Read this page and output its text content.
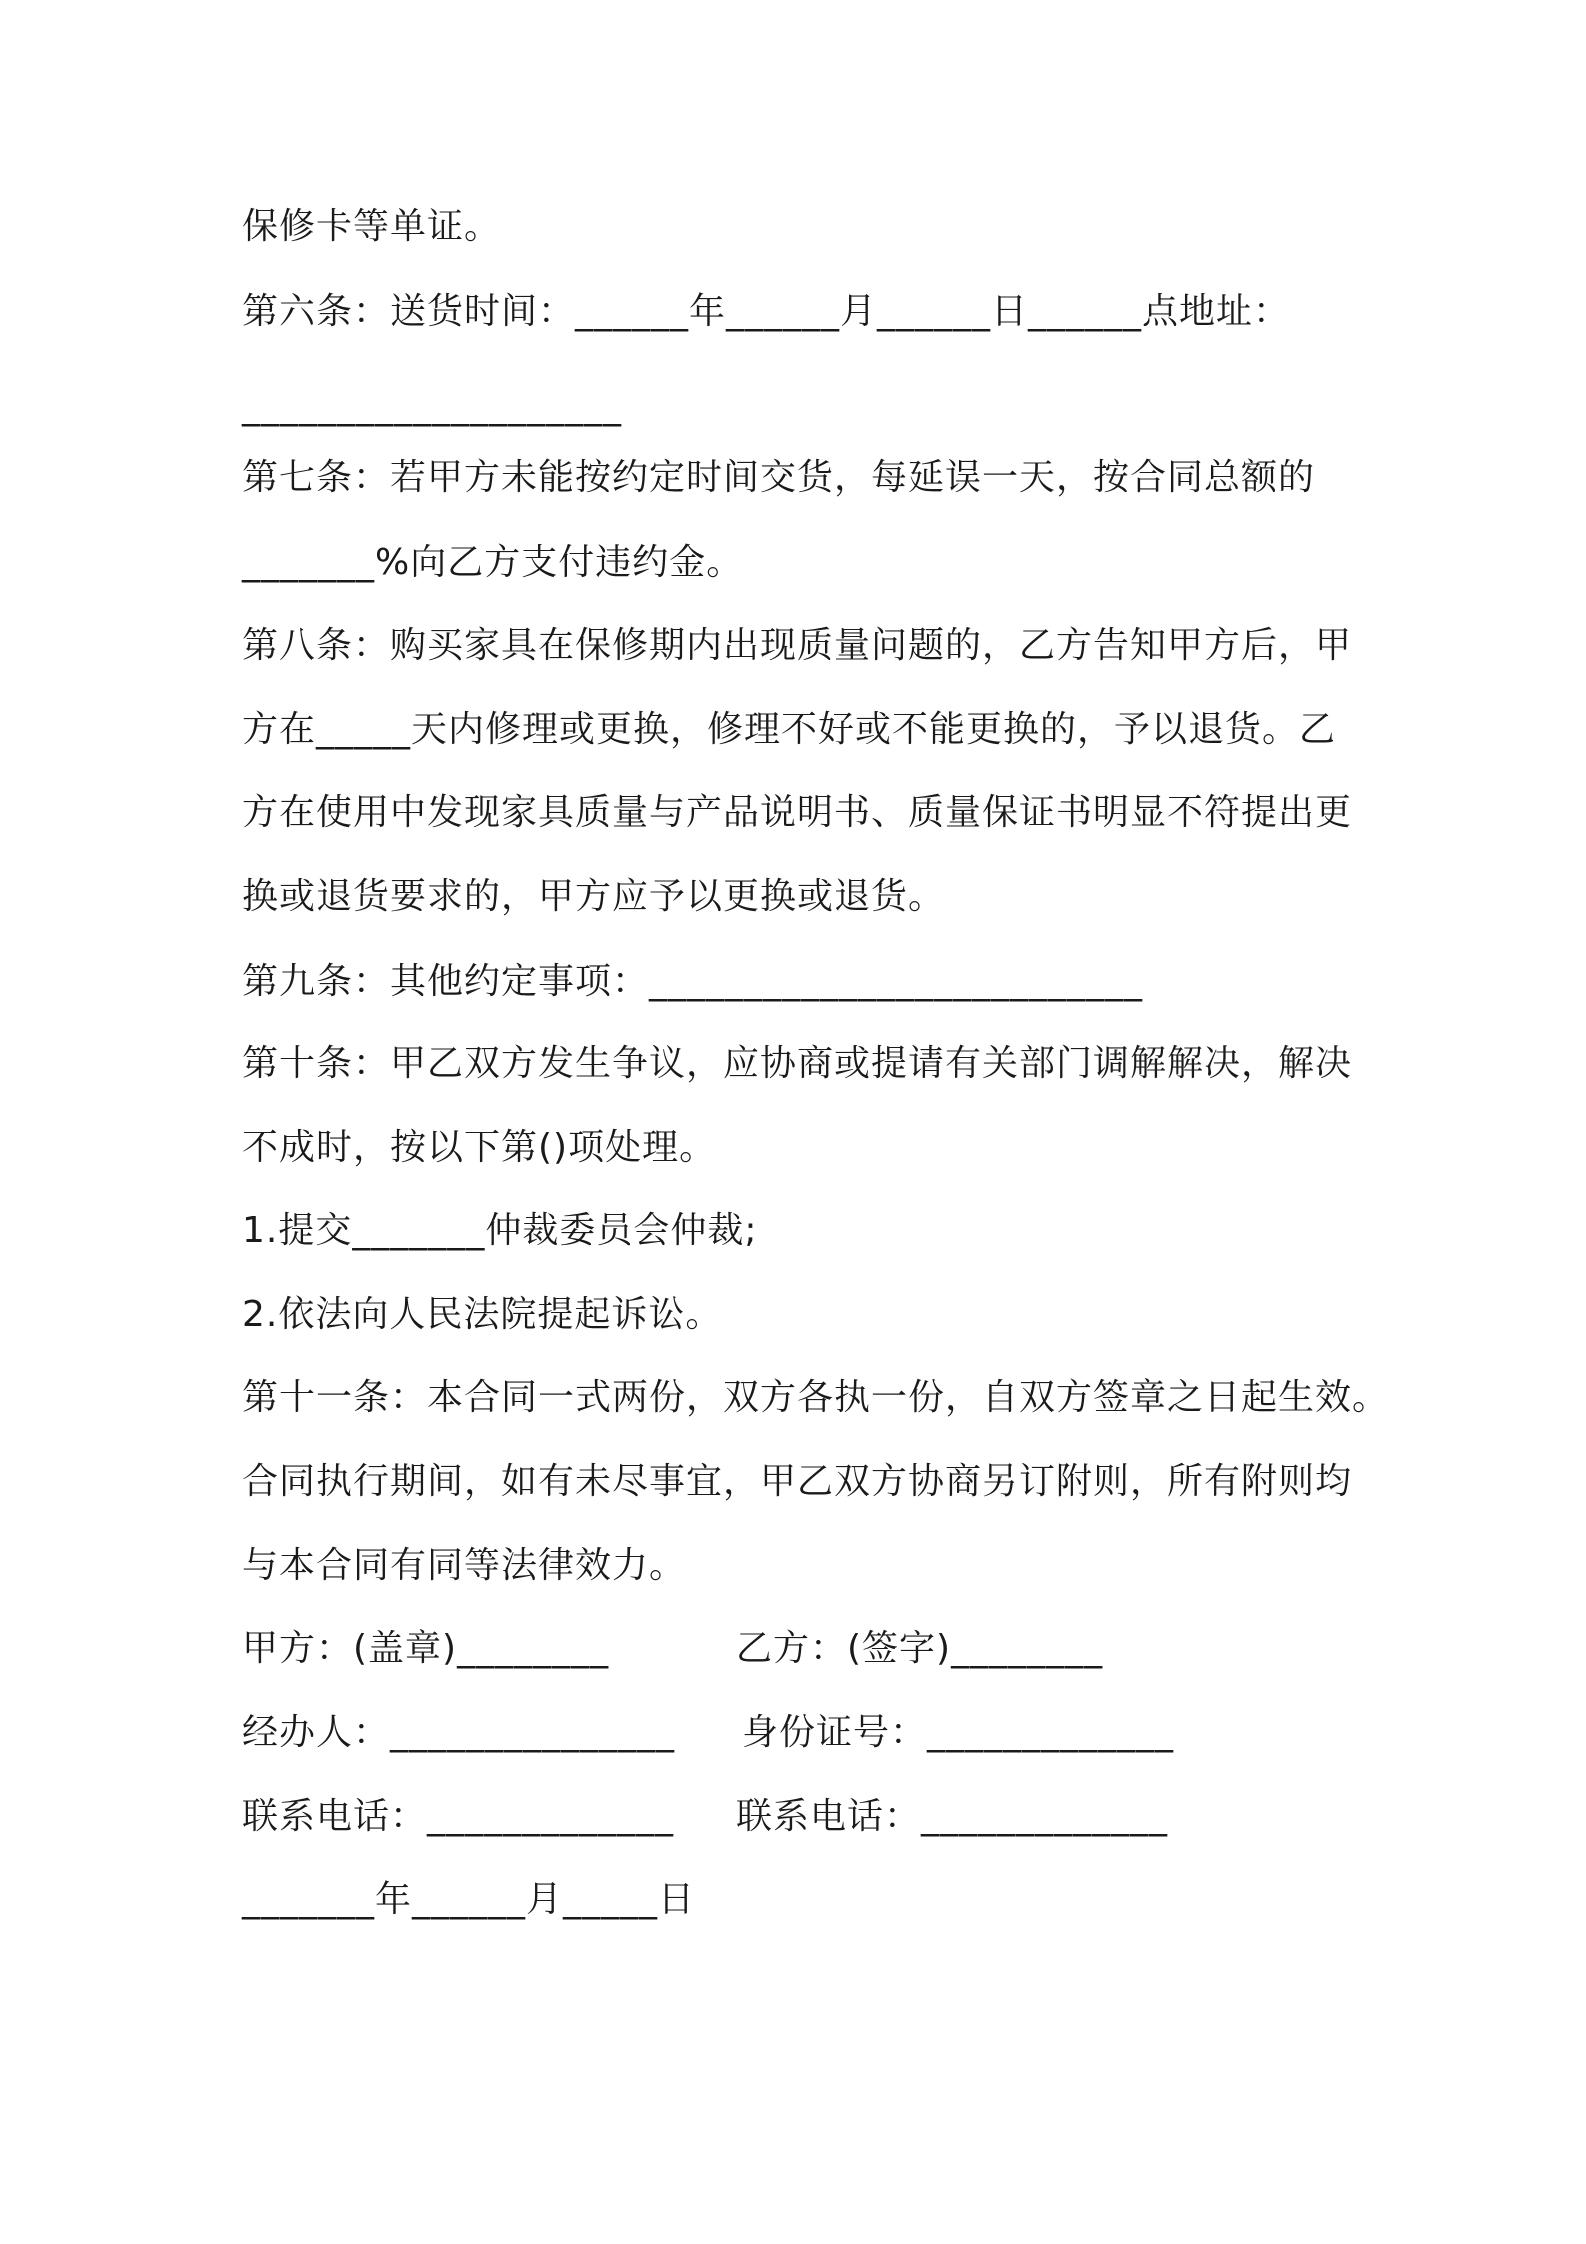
保修卡等单证。
第六条：送货时间：______年______月______日______点地址：
____________________
第七条：若甲方未能按约定时间交货，每延误一天，按合同总额的
_______%向乙方支付违约金。
第八条：购买家具在保修期内出现质量问题的，乙方告知甲方后，甲
方在_____天内修理或更换，修理不好或不能更换的，予以退货。乙
方在使用中发现家具质量与产品说明书、质量保证书明显不符提出更
换或退货要求的，甲方应予以更换或退货。
第九条：其他约定事项：__________________________
第十条：甲乙双方发生争议，应协商或提请有关部门调解解决，解决
不成时，按以下第()项处理。
1.提交_______仲裁委员会仲裁;
2.依法向人民法院提起诉讼。
第十一条：本合同一式两份，双方各执一份，自双方签章之日起生效。
合同执行期间，如有未尽事宜，甲乙双方协商另订附则，所有附则均
与本合同有同等法律效力。
甲方：(盖章)________	乙方：(签字)________
经办人：_______________ 身份证号：_____________
联系电话：_____________ 联系电话：_____________
_______年______月_____日
